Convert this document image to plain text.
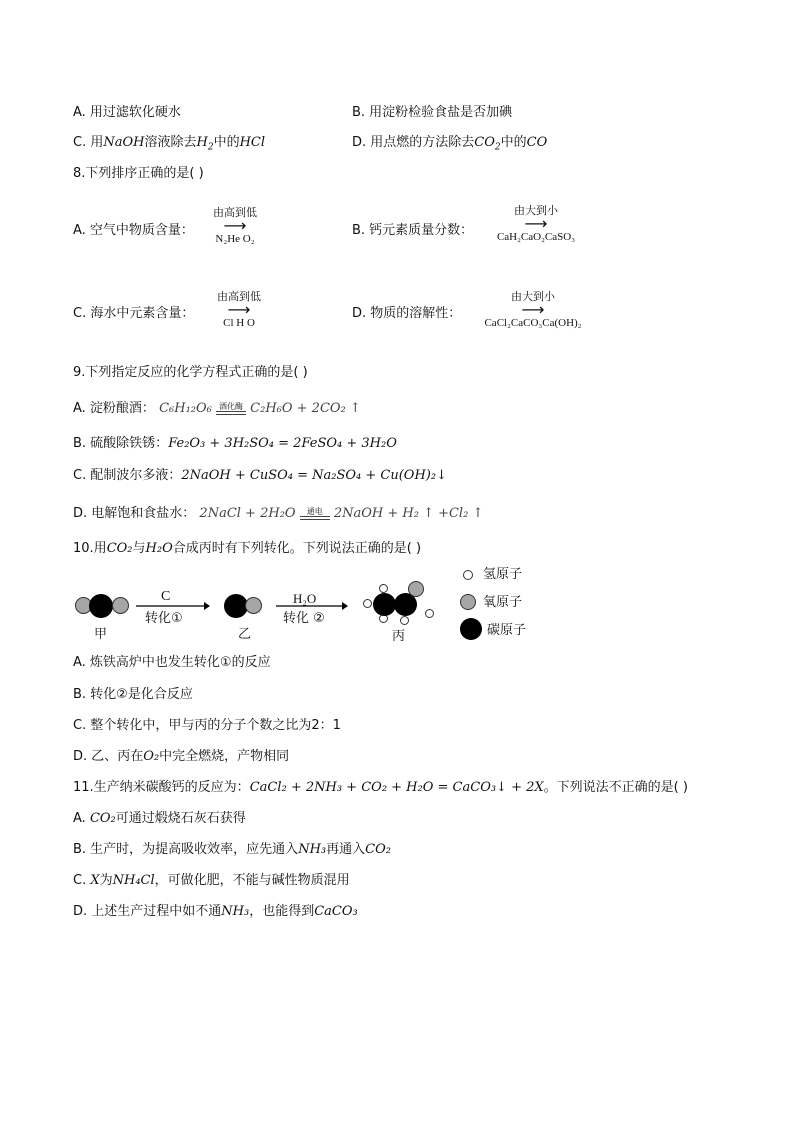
A. 用过滤软化硬水	B. 用淀粉检验食盐是否加碘
C. 用NaOH溶液除去$H_2$中的HCl	D. 用点燃的方法除去$CO_2$中的CO
8.下列排序正确的是( )
A. 空气中物质含量：
由高到低
⟶
N₂He O₂
B. 钙元素质量分数：
由大到小
⟶
CaH₂CaO₂CaSO₃
C. 海水中元素含量：
由高到低
⟶
Cl H O
D. 物质的溶解性：
由大到小
⟶
CaCl₂CaCO₃Ca(OH)₂
9.下列指定反应的化学方程式正确的是( )
A. 淀粉酿酒： C₆H₁₂O₆ 酒化酶 C₂H₆O + 2CO₂ ↑
B. 硫酸除铁锈：Fe₂O₃ + 3H₂SO₄ = 2FeSO₄ + 3H₂O
C. 配制波尔多液：2NaOH + CuSO₄ = Na₂SO₄ + Cu(OH)₂↓
D. 电解饱和食盐水： 2NaCl + 2H₂O	通电 2NaOH + H₂ ↑ +Cl₂ ↑
10.用CO₂与H₂O合成丙时有下列转化。下列说法正确的是( )
甲
C
转化①
乙
H₂O
转化 ②
丙
氢原子
氧原子
碳原子
A. 炼铁高炉中也发生转化①的反应
B. 转化②是化合反应
C. 整个转化中，甲与丙的分子个数之比为2：1
D. 乙、丙在O₂中完全燃烧，产物相同
11.生产纳米碳酸钙的反应为：CaCl₂ + 2NH₃ + CO₂ + H₂O = CaCO₃↓ + 2X。下列说法不正确的是( )
A. CO₂可通过煅烧石灰石获得
B. 生产时，为提高吸收效率，应先通入NH₃再通入CO₂
C. X为NH₄Cl，可做化肥，不能与碱性物质混用
D. 上述生产过程中如不通NH₃，也能得到CaCO₃
